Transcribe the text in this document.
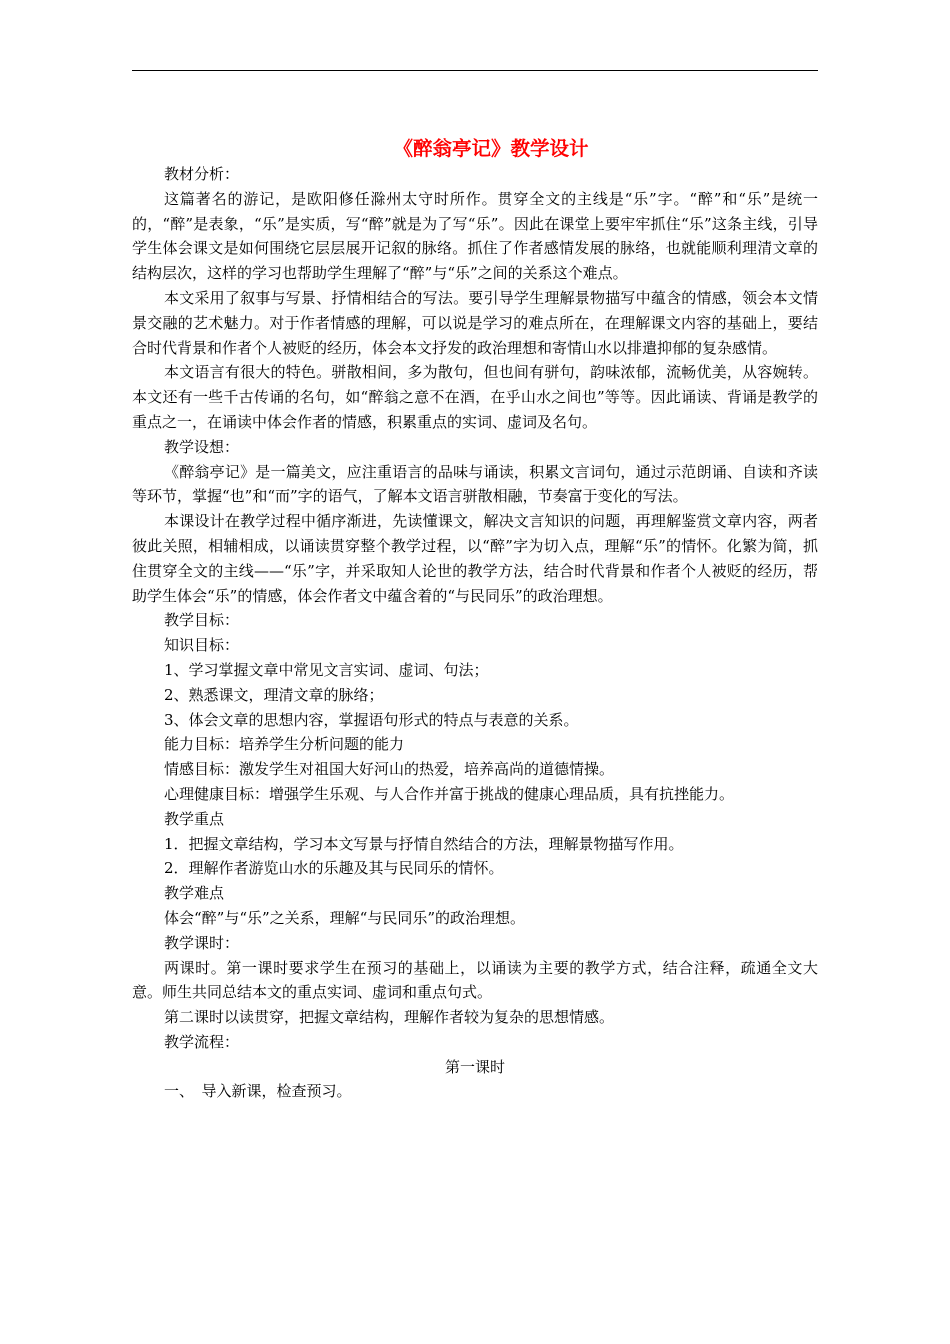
《醉翁亭记》教学设计

教材分析：

这篇著名的游记，是欧阳修任滁州太守时所作。贯穿全文的主线是“乐”字。“醉”和“乐”是统一的，“醉”是表象，“乐”是实质，写“醉”就是为了写“乐”。因此在课堂上要牢牢抓住“乐”这条主线，引导学生体会课文是如何围绕它层层展开记叙的脉络。抓住了作者感情发展的脉络，也就能顺利理清文章的结构层次，这样的学习也帮助学生理解了“醉”与“乐”之间的关系这个难点。

本文采用了叙事与写景、抒情相结合的写法。要引导学生理解景物描写中蕴含的情感，领会本文情景交融的艺术魅力。对于作者情感的理解，可以说是学习的难点所在，在理解课文内容的基础上，要结合时代背景和作者个人被贬的经历，体会本文抒发的政治理想和寄情山水以排遣抑郁的复杂感情。

本文语言有很大的特色。骈散相间，多为散句，但也间有骈句，韵味浓郁，流畅优美，从容婉转。本文还有一些千古传诵的名句，如“醉翁之意不在酒，在乎山水之间也”等等。因此诵读、背诵是教学的重点之一，在诵读中体会作者的情感，积累重点的实词、虚词及名句。

教学设想：

《醉翁亭记》是一篇美文，应注重语言的品味与诵读，积累文言词句，通过示范朗诵、自读和齐读等环节，掌握“也”和“而”字的语气，了解本文语言骈散相融，节奏富于变化的写法。

本课设计在教学过程中循序渐进，先读懂课文，解决文言知识的问题，再理解鉴赏文章内容，两者彼此关照，相辅相成，以诵读贯穿整个教学过程，以“醉”字为切入点，理解“乐”的情怀。化繁为简，抓住贯穿全文的主线——“乐”字，并采取知人论世的教学方法，结合时代背景和作者个人被贬的经历，帮助学生体会“乐”的情感，体会作者文中蕴含着的“与民同乐”的政治理想。

教学目标：

知识目标：

1、学习掌握文章中常见文言实词、虚词、句法；

2、熟悉课文，理清文章的脉络；

3、体会文章的思想内容，掌握语句形式的特点与表意的关系。

能力目标：培养学生分析问题的能力

情感目标：激发学生对祖国大好河山的热爱，培养高尚的道德情操。

心理健康目标：增强学生乐观、与人合作并富于挑战的健康心理品质，具有抗挫能力。

教学重点

1．把握文章结构，学习本文写景与抒情自然结合的方法，理解景物描写作用。

2．理解作者游览山水的乐趣及其与民同乐的情怀。

教学难点

体会“醉”与“乐”之关系，理解“与民同乐”的政治理想。

教学课时：

两课时。第一课时要求学生在预习的基础上，以诵读为主要的教学方式，结合注释，疏通全文大意。师生共同总结本文的重点实词、虚词和重点句式。

第二课时以读贯穿，把握文章结构，理解作者较为复杂的思想情感。

教学流程：

第一课时

一、　导入新课，检查预习。
